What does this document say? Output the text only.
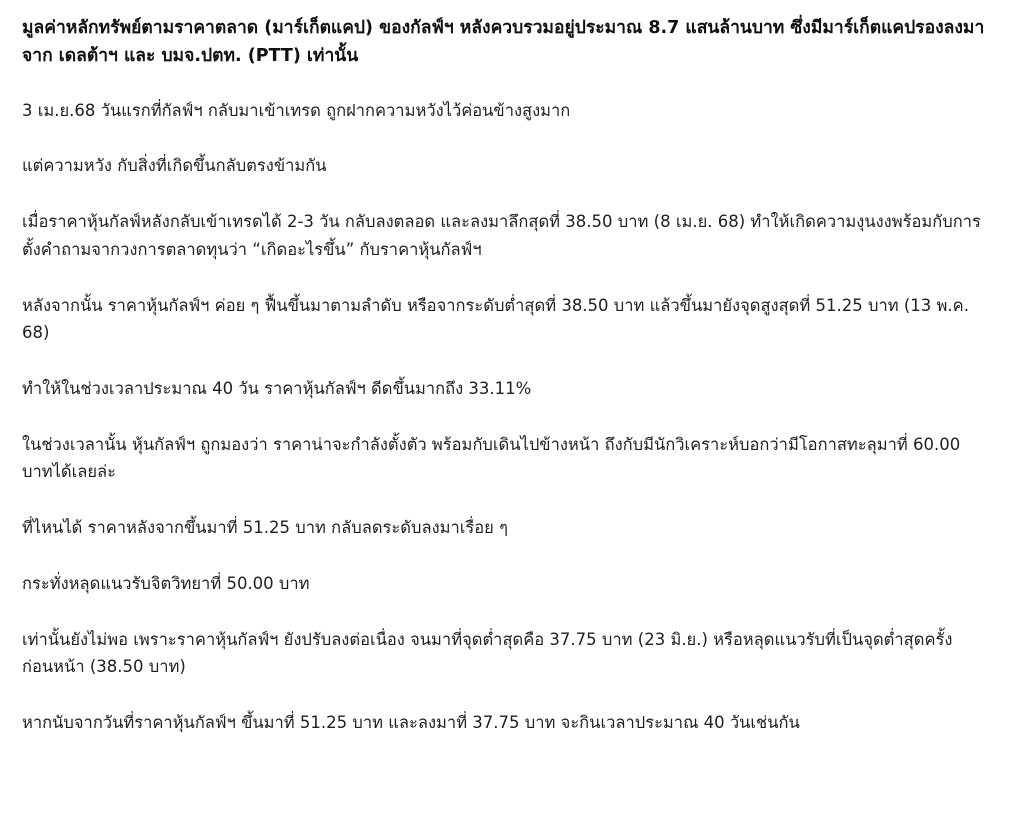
มูลค่าหลักทรัพย์ตามราคาตลาด (มาร์เก็ตแคป) ของกัลฟ์ฯ หลังควบรวมอยู่ประมาณ 8.7 แสนล้านบาท ซึ่งมีมาร์เก็ตแคปรองลงมาจาก เดลต้าฯ และ บมจ.ปตท. (PTT) เท่านั้น

3 เม.ย.68 วันแรกที่กัลฟ์ฯ กลับมาเข้าเทรด ถูกฝากความหวังไว้ค่อนข้างสูงมาก

แต่ความหวัง กับสิ่งที่เกิดขึ้นกลับตรงข้ามกัน

เมื่อราคาหุ้นกัลฟ์หลังกลับเข้าเทรดได้ 2-3 วัน กลับลงตลอด และลงมาลึกสุดที่ 38.50 บาท (8 เม.ย. 68) ทำให้เกิดความงุนงงพร้อมกับการตั้งคำถามจากวงการตลาดทุนว่า “เกิดอะไรขึ้น” กับราคาหุ้นกัลฟ์ฯ

หลังจากนั้น ราคาหุ้นกัลฟ์ฯ ค่อย ๆ ฟื้นขึ้นมาตามลำดับ หรือจากระดับต่ำสุดที่ 38.50 บาท แล้วขึ้นมายังจุดสูงสุดที่ 51.25 บาท (13 พ.ค. 68)

ทำให้ในช่วงเวลาประมาณ 40 วัน ราคาหุ้นกัลฟ์ฯ ดีดขึ้นมากถึง 33.11%

ในช่วงเวลานั้น หุ้นกัลฟ์ฯ ถูกมองว่า ราคาน่าจะกำลังตั้งตัว พร้อมกับเดินไปข้างหน้า ถึงกับมีนักวิเคราะห์บอกว่ามีโอกาสทะลุมาที่ 60.00 บาทได้เลยล่ะ

ที่ไหนได้ ราคาหลังจากขึ้นมาที่ 51.25 บาท กลับลดระดับลงมาเรื่อย ๆ

กระทั่งหลุดแนวรับจิตวิทยาที่ 50.00 บาท

เท่านั้นยังไม่พอ เพราะราคาหุ้นกัลฟ์ฯ ยังปรับลงต่อเนื่อง จนมาที่จุดต่ำสุดคือ 37.75 บาท (23 มิ.ย.) หรือหลุดแนวรับที่เป็นจุดต่ำสุดครั้งก่อนหน้า (38.50 บาท)

หากนับจากวันที่ราคาหุ้นกัลฟ์ฯ ขึ้นมาที่ 51.25 บาท และลงมาที่ 37.75 บาท จะกินเวลาประมาณ 40 วันเช่นกัน
